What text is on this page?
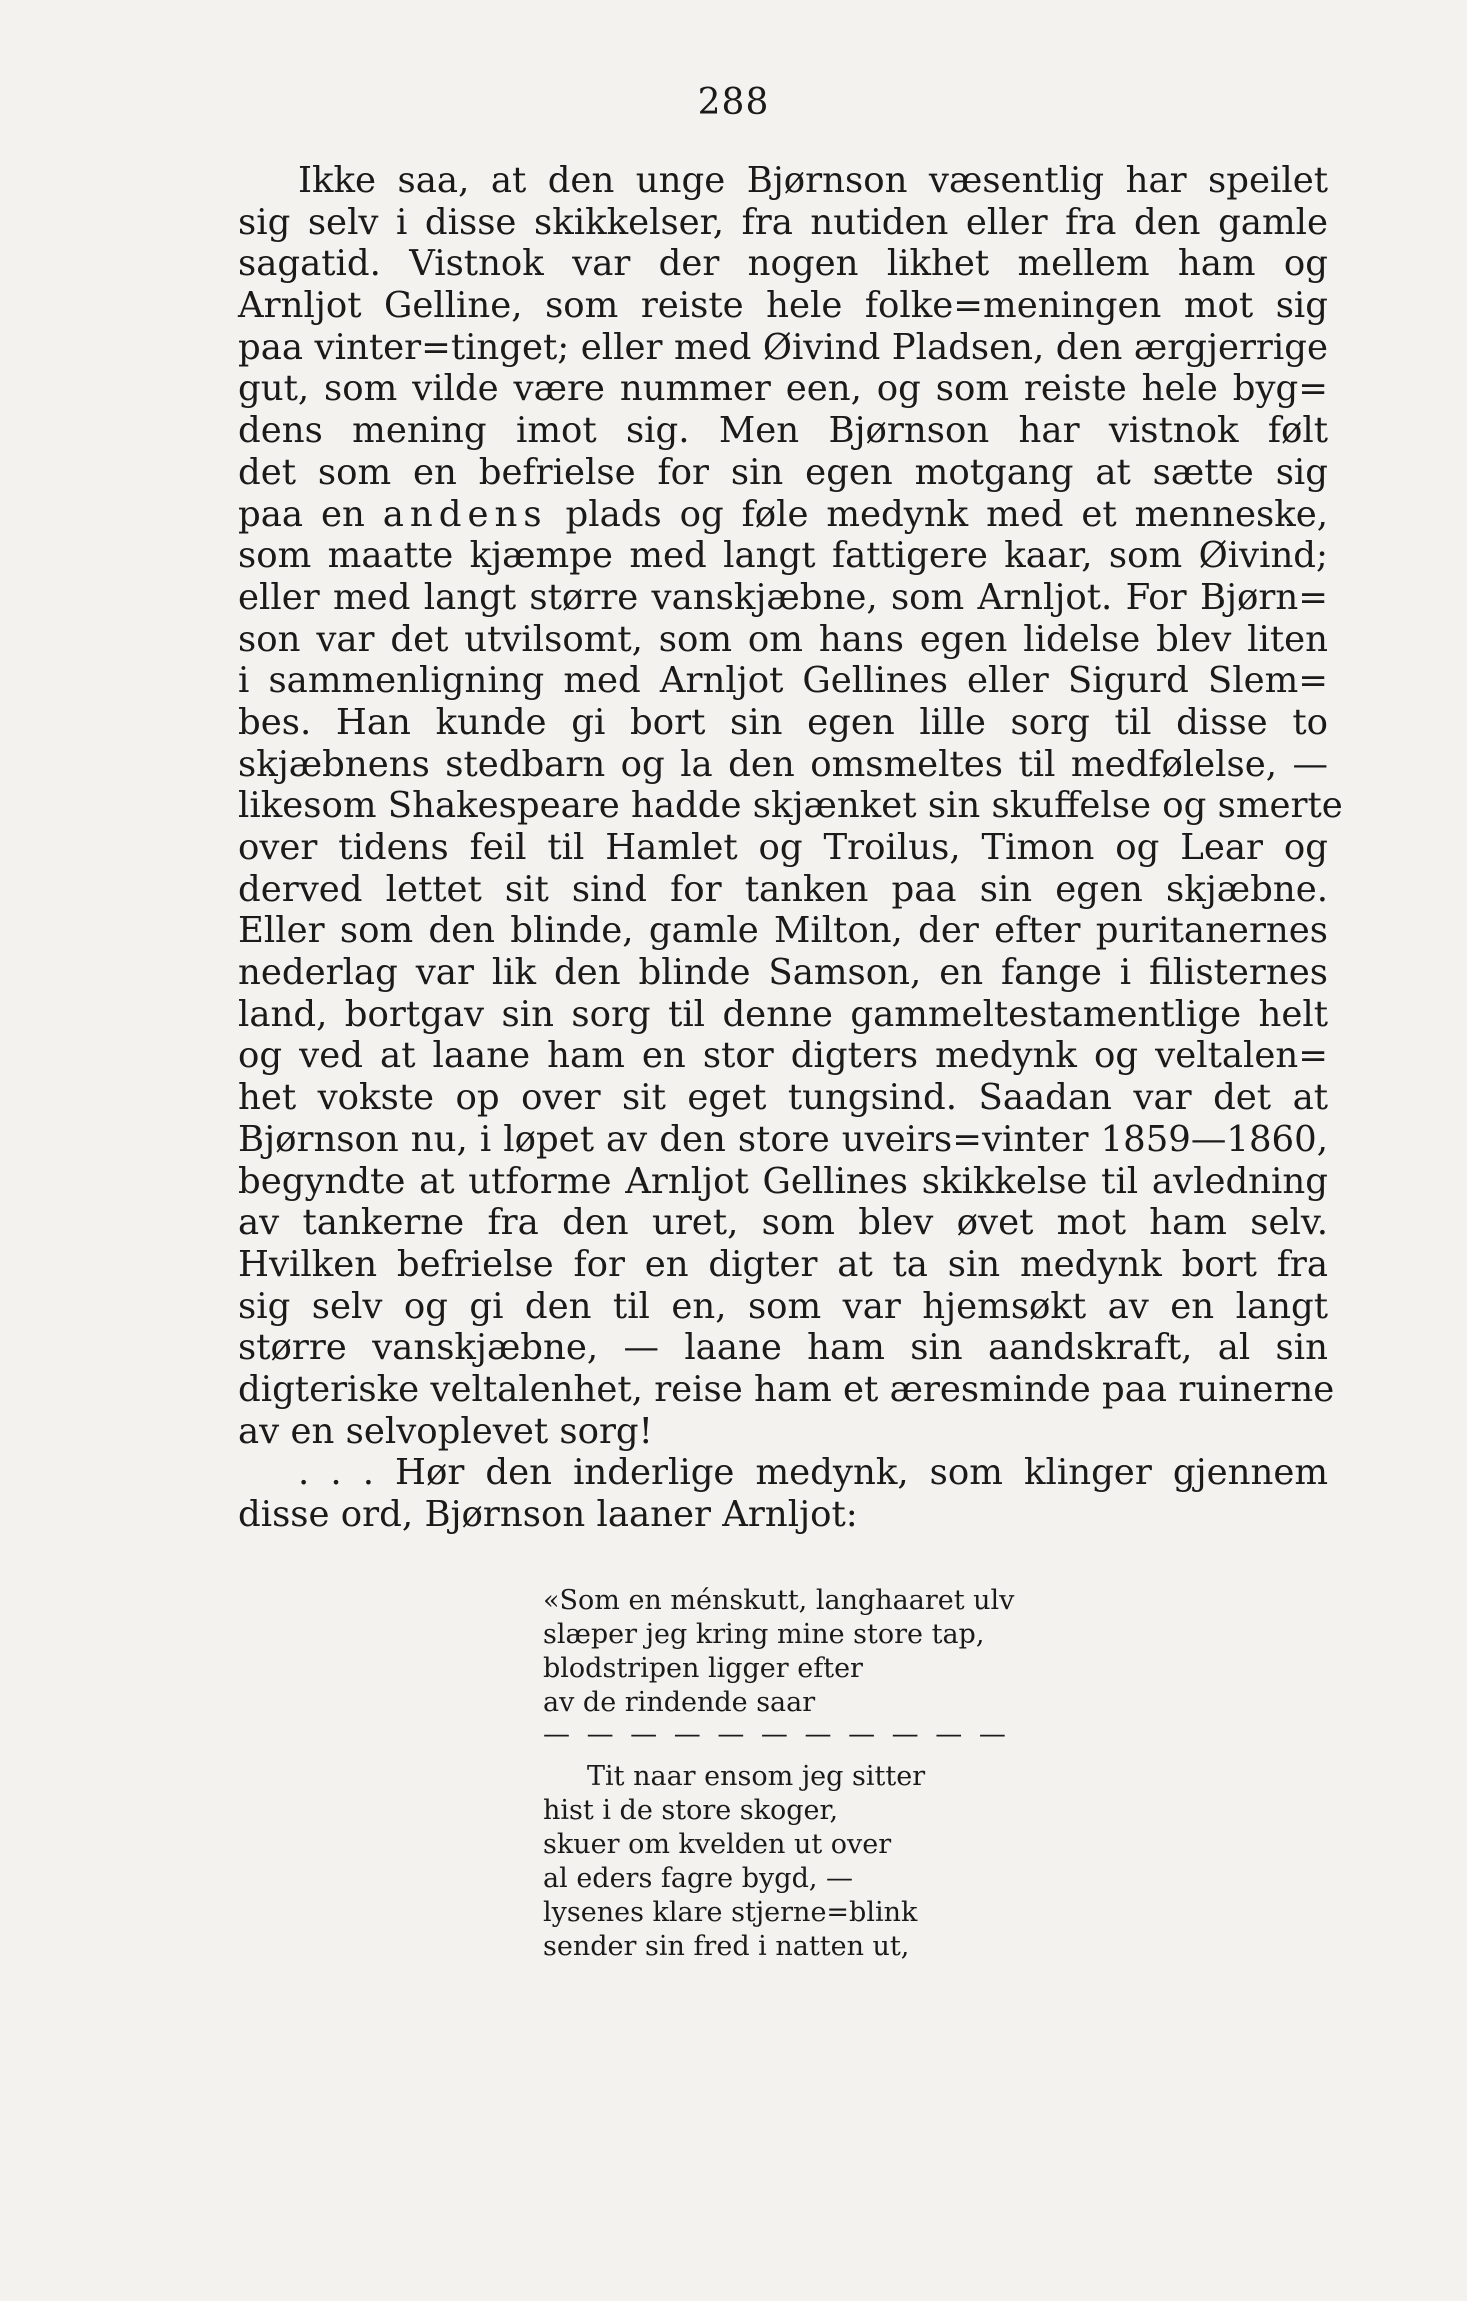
288
Ikke saa, at den unge Bjørnson væsentlig har speilet
sig selv i disse skikkelser, fra nutiden eller fra den gamle
sagatid. Vistnok var der nogen likhet mellem ham og
Arnljot Gelline, som reiste hele folke=meningen mot sig
paa vinter=tinget; eller med Øivind Pladsen, den ærgjerrige
gut, som vilde være nummer een, og som reiste hele byg=
dens mening imot sig. Men Bjørnson har vistnok følt
det som en befrielse for sin egen motgang at sætte sig
paa en andens plads og føle medynk med et menneske,
som maatte kjæmpe med langt fattigere kaar, som Øivind;
eller med langt større vanskjæbne, som Arnljot. For Bjørn=
son var det utvilsomt, som om hans egen lidelse blev liten
i sammenligning med Arnljot Gellines eller Sigurd Slem=
bes. Han kunde gi bort sin egen lille sorg til disse to
skjæbnens stedbarn og la den omsmeltes til medfølelse, —
likesom Shakespeare hadde skjænket sin skuffelse og smerte
over tidens feil til Hamlet og Troilus, Timon og Lear og
derved lettet sit sind for tanken paa sin egen skjæbne.
Eller som den blinde, gamle Milton, der efter puritanernes
nederlag var lik den blinde Samson, en fange i filisternes
land, bortgav sin sorg til denne gammeltestamentlige helt
og ved at laane ham en stor digters medynk og veltalen=
het vokste op over sit eget tungsind. Saadan var det at
Bjørnson nu, i løpet av den store uveirs=vinter 1859—1860,
begyndte at utforme Arnljot Gellines skikkelse til avledning
av tankerne fra den uret, som blev øvet mot ham selv.
Hvilken befrielse for en digter at ta sin medynk bort fra
sig selv og gi den til en, som var hjemsøkt av en langt
større vanskjæbne, — laane ham sin aandskraft, al sin
digteriske veltalenhet, reise ham et æresminde paa ruinerne
av en selvoplevet sorg!
. . . Hør den inderlige medynk, som klinger gjennem
disse ord, Bjørnson laaner Arnljot:
«Som en ménskutt, langhaaret ulv
slæper jeg kring mine store tap,
blodstripen ligger efter
av de rindende saar
— — — — — — — — — — —
Tit naar ensom jeg sitter
hist i de store skoger,
skuer om kvelden ut over
al eders fagre bygd, —
lysenes klare stjerne=blink
sender sin fred i natten ut,
